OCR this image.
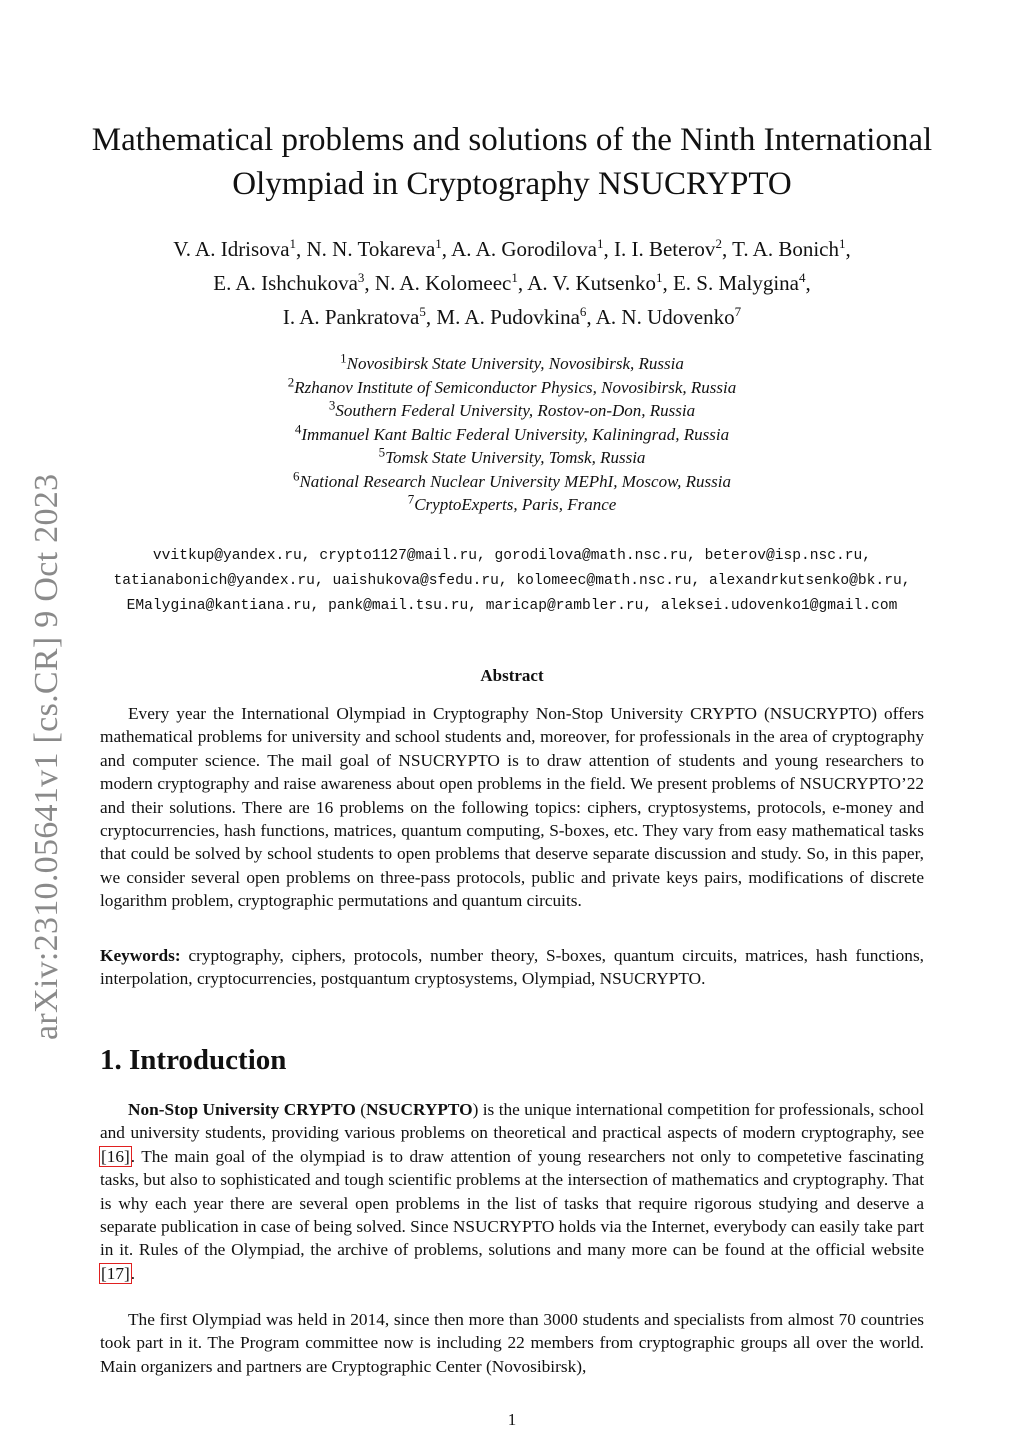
Mathematical problems and solutions of the Ninth International
Olympiad in Cryptography NSUCRYPTO
V. A. Idrisova$^1$, N. N. Tokareva$^1$, A. A. Gorodilova$^1$, I. I. Beterov$^2$, T. A. Bonich$^1$,
E. A. Ishchukova$^3$, N. A. Kolomeec$^1$, A. V. Kutsenko$^1$, E. S. Malygina$^4$,
I. A. Pankratova$^5$, M. A. Pudovkina$^6$, A. N. Udovenko$^7$
$^1$Novosibirsk State University, Novosibirsk, Russia
$^2$Rzhanov Institute of Semiconductor Physics, Novosibirsk, Russia
$^3$Southern Federal University, Rostov-on-Don, Russia
$^4$Immanuel Kant Baltic Federal University, Kaliningrad, Russia
$^5$Tomsk State University, Tomsk, Russia
$^6$National Research Nuclear University MEPhI, Moscow, Russia
$^7$CryptoExperts, Paris, France
vvitkup@yandex.ru, crypto1127@mail.ru, gorodilova@math.nsc.ru, beterov@isp.nsc.ru,
tatianabonich@yandex.ru, uaishukova@sfedu.ru, kolomeec@math.nsc.ru, alexandrkutsenko@bk.ru,
EMalygina@kantiana.ru, pank@mail.tsu.ru, maricap@rambler.ru, aleksei.udovenko1@gmail.com
Abstract

Every year the International Olympiad in Cryptography Non-Stop University CRYPTO (NSUCRYPTO) offers mathematical problems for university and school students and, moreover, for professionals in the area of cryptography and computer science. The mail goal of NSUCRYPTO is to draw attention of students and young researchers to modern cryptography and raise awareness about open problems in the field. We present problems of NSUCRYPTO’22 and their solutions. There are 16 problems on the following topics: ciphers, cryptosystems, protocols, e-money and cryptocurrencies, hash functions, matrices, quantum computing, S-boxes, etc. They vary from easy mathematical tasks that could be solved by school students to open problems that deserve separate discussion and study. So, in this paper, we consider several open problems on three-pass protocols, public and private keys pairs, modifications of discrete logarithm problem, cryptographic permutations and quantum circuits.

Keywords: cryptography, ciphers, protocols, number theory, S-boxes, quantum circuits, matrices, hash functions, interpolation, cryptocurrencies, postquantum cryptosystems, Olympiad, NSUCRYPTO.

1. Introduction

Non-Stop University CRYPTO (NSUCRYPTO) is the unique international competition for professionals, school and university students, providing various problems on theoretical and practical aspects of modern cryptography, see [16]. The main goal of the olympiad is to draw attention of young researchers not only to competetive fascinating tasks, but also to sophisticated and tough scientific problems at the intersection of mathematics and cryptography. That is why each year there are several open problems in the list of tasks that require rigorous studying and deserve a separate publication in case of being solved. Since NSUCRYPTO holds via the Internet, everybody can easily take part in it. Rules of the Olympiad, the archive of problems, solutions and many more can be found at the official website [17].

The first Olympiad was held in 2014, since then more than 3000 students and specialists from almost 70 countries took part in it. The Program committee now is including 22 members from cryptographic groups all over the world. Main organizers and partners are Cryptographic Center (Novosibirsk),

arXiv:2310.05641v1 [cs.CR] 9 Oct 2023
1
